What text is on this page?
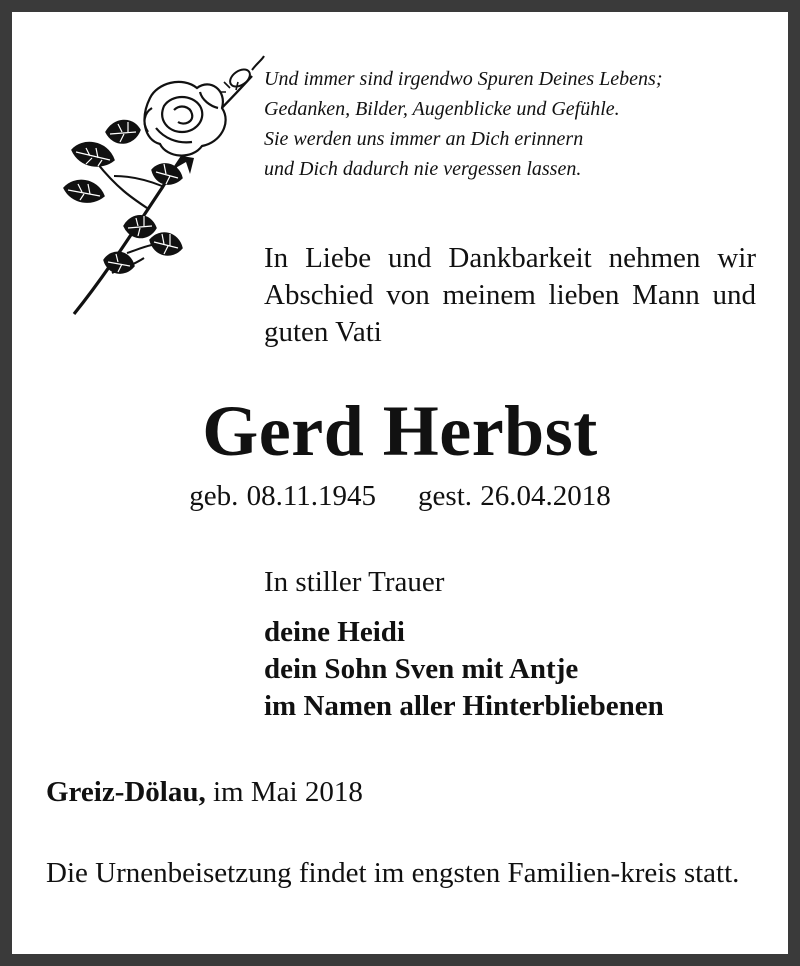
Und immer sind irgendwo Spuren Deines Lebens;
Gedanken, Bilder, Augenblicke und Gefühle.
Sie werden uns immer an Dich erinnern
und Dich dadurch nie vergessen lassen.
In Liebe und Dankbarkeit nehmen wir Abschied von meinem lieben Mann und guten Vati
Gerd Herbst
geb. 08.11.1945 gest. 26.04.2018
In stiller Trauer
deine Heidi
dein Sohn Sven mit Antje
im Namen aller Hinterbliebenen
Greiz-Dölau, im Mai 2018
Die Urnenbeisetzung findet im engsten Familien-kreis statt.
